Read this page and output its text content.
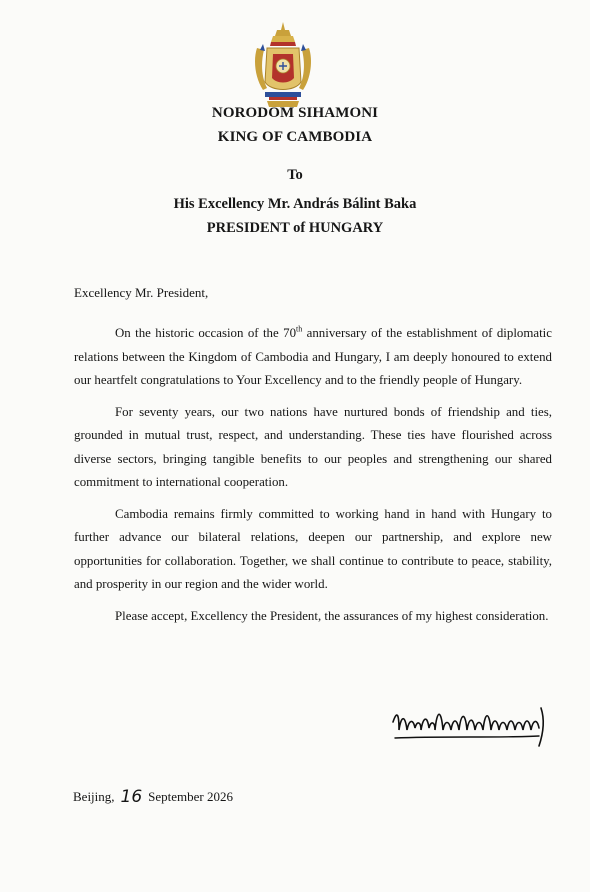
NORODOM SIHAMONI
KING OF CAMBODIA
To
His Excellency Mr. András Bálint Baka
PRESIDENT of HUNGARY
Excellency Mr. President,

On the historic occasion of the 70th anniversary of the establishment of diplomatic relations between the Kingdom of Cambodia and Hungary, I am deeply honoured to extend our heartfelt congratulations to Your Excellency and to the friendly people of Hungary.

For seventy years, our two nations have nurtured bonds of friendship and ties, grounded in mutual trust, respect, and understanding. These ties have flourished across diverse sectors, bringing tangible benefits to our peoples and strengthening our shared commitment to international cooperation.

Cambodia remains firmly committed to working hand in hand with Hungary to further advance our bilateral relations, deepen our partnership, and explore new opportunities for collaboration. Together, we shall continue to contribute to peace, stability, and prosperity in our region and the wider world.

Please accept, Excellency the President, the assurances of my highest consideration.

Beijing, 16 September 2026
